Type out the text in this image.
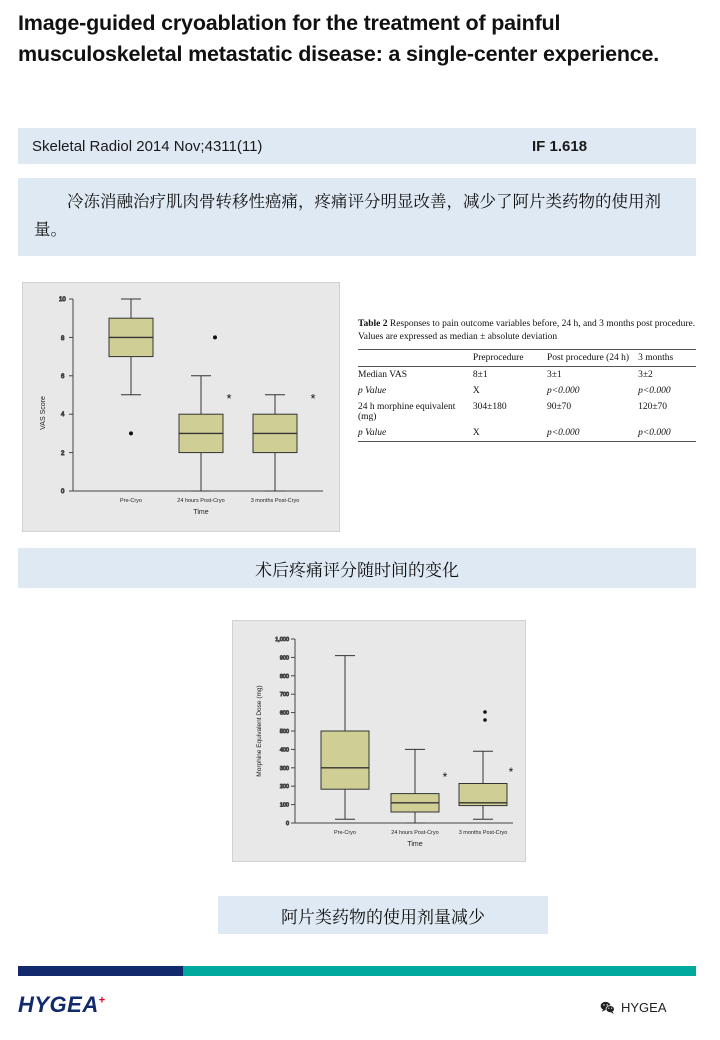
Image-guided cryoablation for the treatment of painful musculoskeletal metastatic disease: a single-center experience.
Skeletal Radiol 2014 Nov;4311(11)	IF 1.618
冷冻消融治疗肌肉骨转移性癌痛，疼痛评分明显改善，减少了阿片类药物的使用剂量。
0
2
4
6
8
10
VAS Score	*	*
Pre-Cryo	24 hours Post-Cryo	3 months Post-Cryo
Time
Table 2 Responses to pain outcome variables before, 24 h, and 3 months post procedure. Values are expressed as median ± absolute deviation
	Preprocedure	Post procedure (24 h)	3 months
Median VAS	8±1	3±1	3±2
p Value	X	p<0.000	p<0.000
24 h morphine equivalent (mg)	304±180	90±70	120±70
p Value	X	p<0.000	p<0.000
术后疼痛评分随时间的变化
0
100
200
300
400
500
600
700
800
900
1,000
Morphine Equivalent Dose (mg)
*	*
Pre-Cryo	24 hours Post-Cryo	3 months Post-Cryo
Time
阿片类药物的使用剂量减少
HYGEA+	HYGEA
